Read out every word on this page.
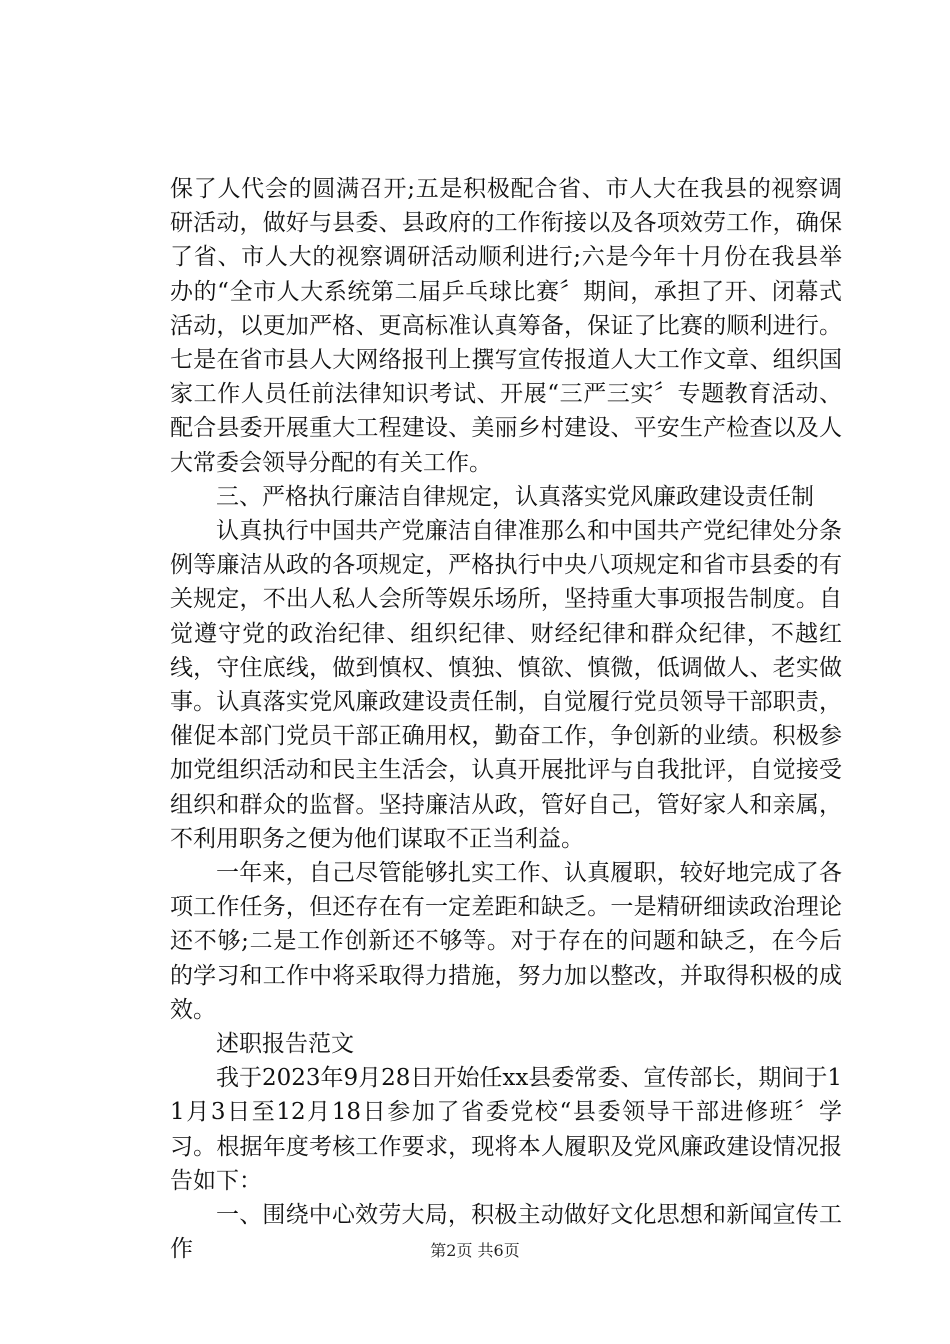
保了人代会的圆满召开;五是积极配合省、市人大在我县的视察调研活动，做好与县委、县政府的工作衔接以及各项效劳工作，确保了省、市人大的视察调研活动顺利进行;六是今年十月份在我县举办的“全市人大系统第二届乒乓球比赛〞期间，承担了开、闭幕式活动，以更加严格、更高标准认真筹备，保证了比赛的顺利进行。七是在省市县人大网络报刊上撰写宣传报道人大工作文章、组织国家工作人员任前法律知识考试、开展“三严三实〞专题教育活动、配合县委开展重大工程建设、美丽乡村建设、平安生产检查以及人大常委会领导分配的有关工作。

三、严格执行廉洁自律规定，认真落实党风廉政建设责任制

认真执行中国共产党廉洁自律准那么和中国共产党纪律处分条例等廉洁从政的各项规定，严格执行中央八项规定和省市县委的有关规定，不出人私人会所等娱乐场所，坚持重大事项报告制度。自觉遵守党的政治纪律、组织纪律、财经纪律和群众纪律，不越红线，守住底线，做到慎权、慎独、慎欲、慎微，低调做人、老实做事。认真落实党风廉政建设责任制，自觉履行党员领导干部职责，催促本部门党员干部正确用权，勤奋工作，争创新的业绩。积极参加党组织活动和民主生活会，认真开展批评与自我批评，自觉接受组织和群众的监督。坚持廉洁从政，管好自己，管好家人和亲属，不利用职务之便为他们谋取不正当利益。

一年来，自己尽管能够扎实工作、认真履职，较好地完成了各项工作任务，但还存在有一定差距和缺乏。一是精研细读政治理论还不够;二是工作创新还不够等。对于存在的问题和缺乏，在今后的学习和工作中将采取得力措施，努力加以整改，并取得积极的成效。

述职报告范文

我于2023年9月28日开始任xx县委常委、宣传部长，期间于11月3日至12月18日参加了省委党校“县委领导干部进修班〞学习。根据年度考核工作要求，现将本人履职及党风廉政建设情况报告如下：

一、围绕中心效劳大局，积极主动做好文化思想和新闻宣传工作	第2页 共6页
